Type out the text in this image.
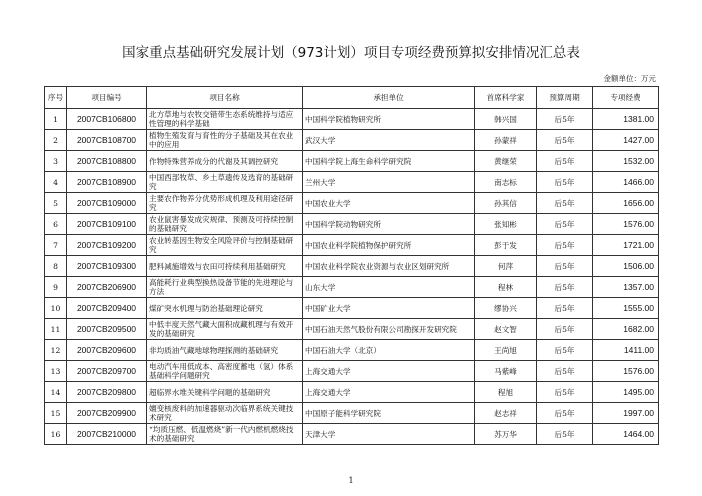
国家重点基础研究发展计划（973计划）项目专项经费预算拟安排情况汇总表
金额单位：万元
序号	项目编号	项目名称	承担单位	首席科学家	预算周期	专项经费
1	2007CB106800	北方草地与农牧交错带生态系统维持与适应性管理的科学基础	中国科学院植物研究所	韩兴国	后5年	1381.00
2	2007CB108700	植物生殖发育与育性的分子基础及其在农业中的应用	武汉大学	孙蒙祥	后5年	1427.00
3	2007CB108800	作物特殊营养成分的代谢及其调控研究	中国科学院上海生命科学研究院	黄继荣	后5年	1532.00
4	2007CB108900	中国西部牧草、乡土草遗传及选育的基础研究	兰州大学	南志标	后5年	1466.00
5	2007CB109000	主要农作物养分优势形成机理及利用途径研究	中国农业大学	孙其信	后5年	1656.00
6	2007CB109100	农业鼠害暴发成灾规律、预测及可持续控制的基础研究	中国科学院动物研究所	张知彬	后5年	1576.00
7	2007CB109200	农业转基因生物安全风险评价与控制基础研究	中国农业科学院植物保护研究所	彭于发	后5年	1721.00
8	2007CB109300	肥料减施增效与农田可持续利用基础研究	中国农业科学院农业资源与农业区划研究所	何萍	后5年	1506.00
9	2007CB206900	高能耗行业典型换热设备节能的先进理论与方法	山东大学	程林	后5年	1357.00
10	2007CB209400	煤矿突水机理与防治基础理论研究	中国矿业大学	缪协兴	后5年	1555.00
11	2007CB209500	中低丰度天然气藏大面积成藏机理与有效开发的基础研究	中国石油天然气股份有限公司勘探开发研究院	赵文智	后5年	1682.00
12	2007CB209600	非均质油气藏地球物理探测的基础研究	中国石油大学（北京）	王尚旭	后5年	1411.00
13	2007CB209700	电动汽车用低成本、高密度蓄电（氢）体系基础科学问题研究	上海交通大学	马紫峰	后5年	1576.00
14	2007CB209800	超临界水堆关键科学问题的基础研究	上海交通大学	程旭	后5年	1495.00
15	2007CB209900	嬗变核废料的加速器驱动次临界系统关键技术研究	中国原子能科学研究院	赵志祥	后5年	1997.00
16	2007CB210000	“均质压燃、低温燃烧”新一代内燃机燃烧技术的基础研究	天津大学	苏万华	后5年	1464.00
1
